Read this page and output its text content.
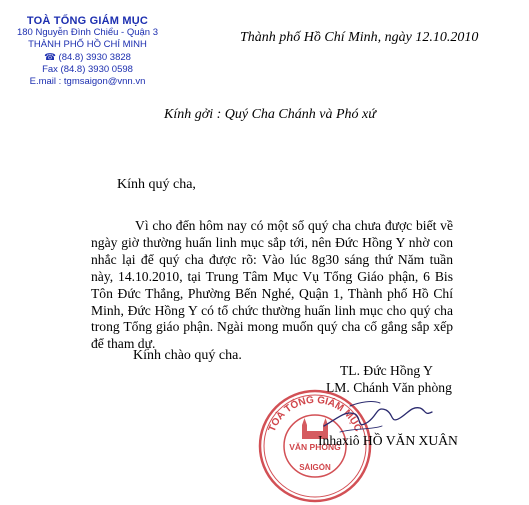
TOÀ TỔNG GIÁM MỤC
180 Nguyễn Đình Chiểu - Quận 3
THÀNH PHỐ HỒ CHÍ MINH
☎ (84.8) 3930 3828
Fax (84.8) 3930 0598
E.mail : tgmsaigon@vnn.vn
Thành phố Hồ Chí Minh, ngày 12.10.2010
Kính gởi : Quý Cha Chánh và Phó xứ
Kính quý cha,
Vì cho đến hôm nay có một số quý cha chưa được biết về ngày giờ thường huấn linh mục sắp tới, nên Đức Hồng Y nhờ con nhắc lại để quý cha được rõ: Vào lúc 8g30 sáng thứ Năm tuần này, 14.10.2010, tại Trung Tâm Mục Vụ Tổng Giáo phận, 6 Bis Tôn Đức Thắng, Phường Bến Nghé, Quận 1, Thành phố Hồ Chí Minh, Đức Hồng Y có tổ chức thường huấn linh mục cho quý cha trong Tổng giáo phận. Ngài mong muốn quý cha cố gắng sắp xếp để tham dự.
Kính chào quý cha.
TL. Đức Hồng Y
LM. Chánh Văn phòng
TOÀ TỔNG GIÁM MỤC
VĂN PHÒNG
SÀIGÒN
Inhaxiô HỒ VĂN XUÂN
